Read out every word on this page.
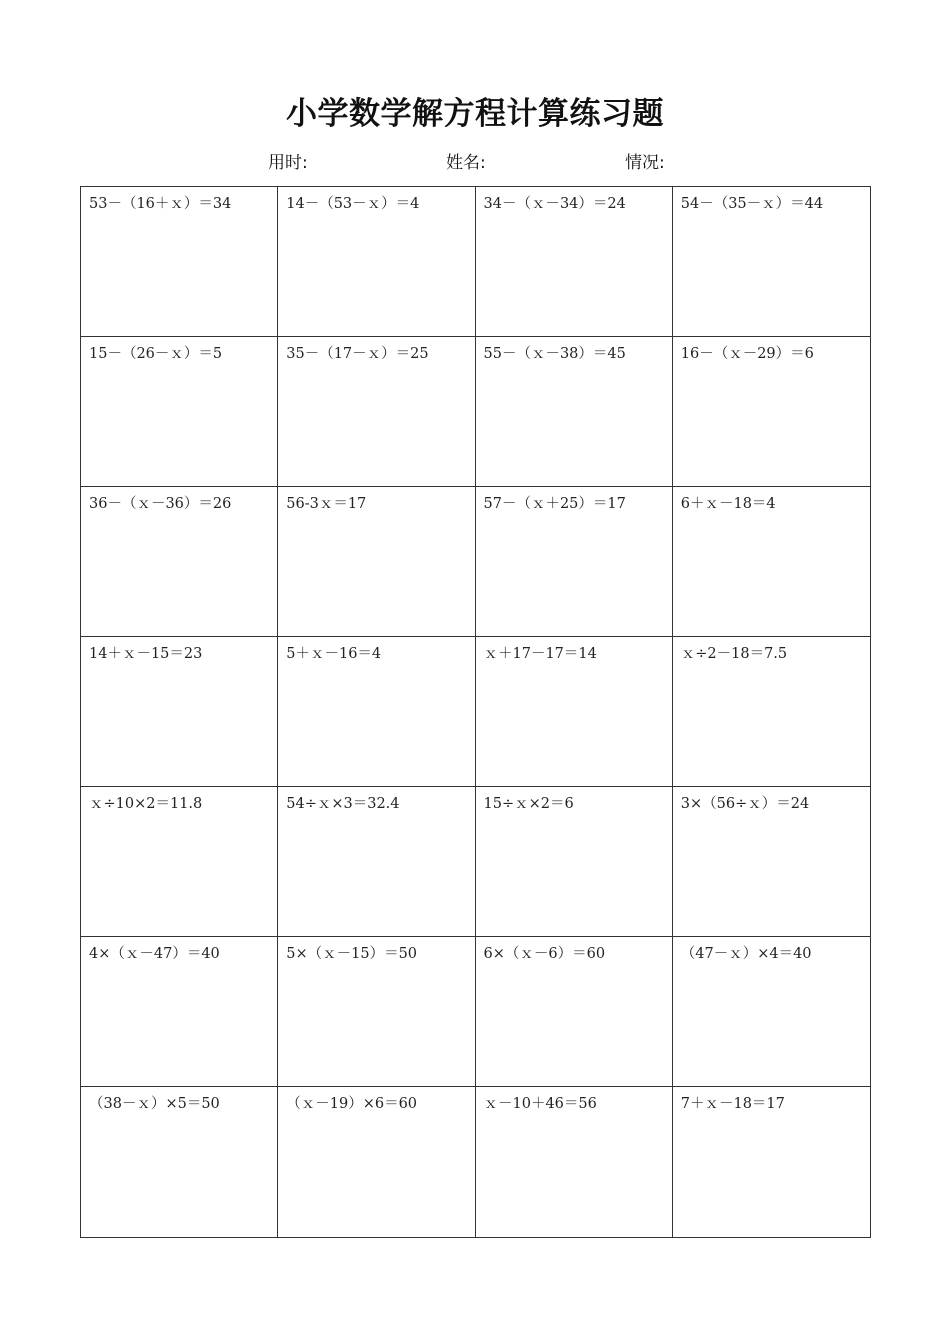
小学数学解方程计算练习题
用时:	姓名:	情况:
53－（16＋ｘ）＝34	14－（53－ｘ）＝4	34－（ｘ－34）＝24	54－（35－ｘ）＝44
15－（26－ｘ）＝5	35－（17－ｘ）＝25	55－（ｘ－38）＝45	16－（ｘ－29）＝6
36－（ｘ－36）＝26	56-3ｘ＝17	57－（ｘ＋25）＝17	6＋ｘ－18＝4
14＋ｘ－15＝23	5＋ｘ－16＝4	ｘ＋17－17＝14	ｘ÷2－18＝7.5
ｘ÷10×2＝11.8	54÷ｘ×3＝32.4	15÷ｘ×2＝6	3×（56÷ｘ）＝24
4×（ｘ－47）＝40	5×（ｘ－15）＝50	6×（ｘ－6）＝60	（47－ｘ）×4＝40
（38－ｘ）×5＝50	（ｘ－19）×6＝60	ｘ－10＋46＝56	7＋ｘ－18＝17
